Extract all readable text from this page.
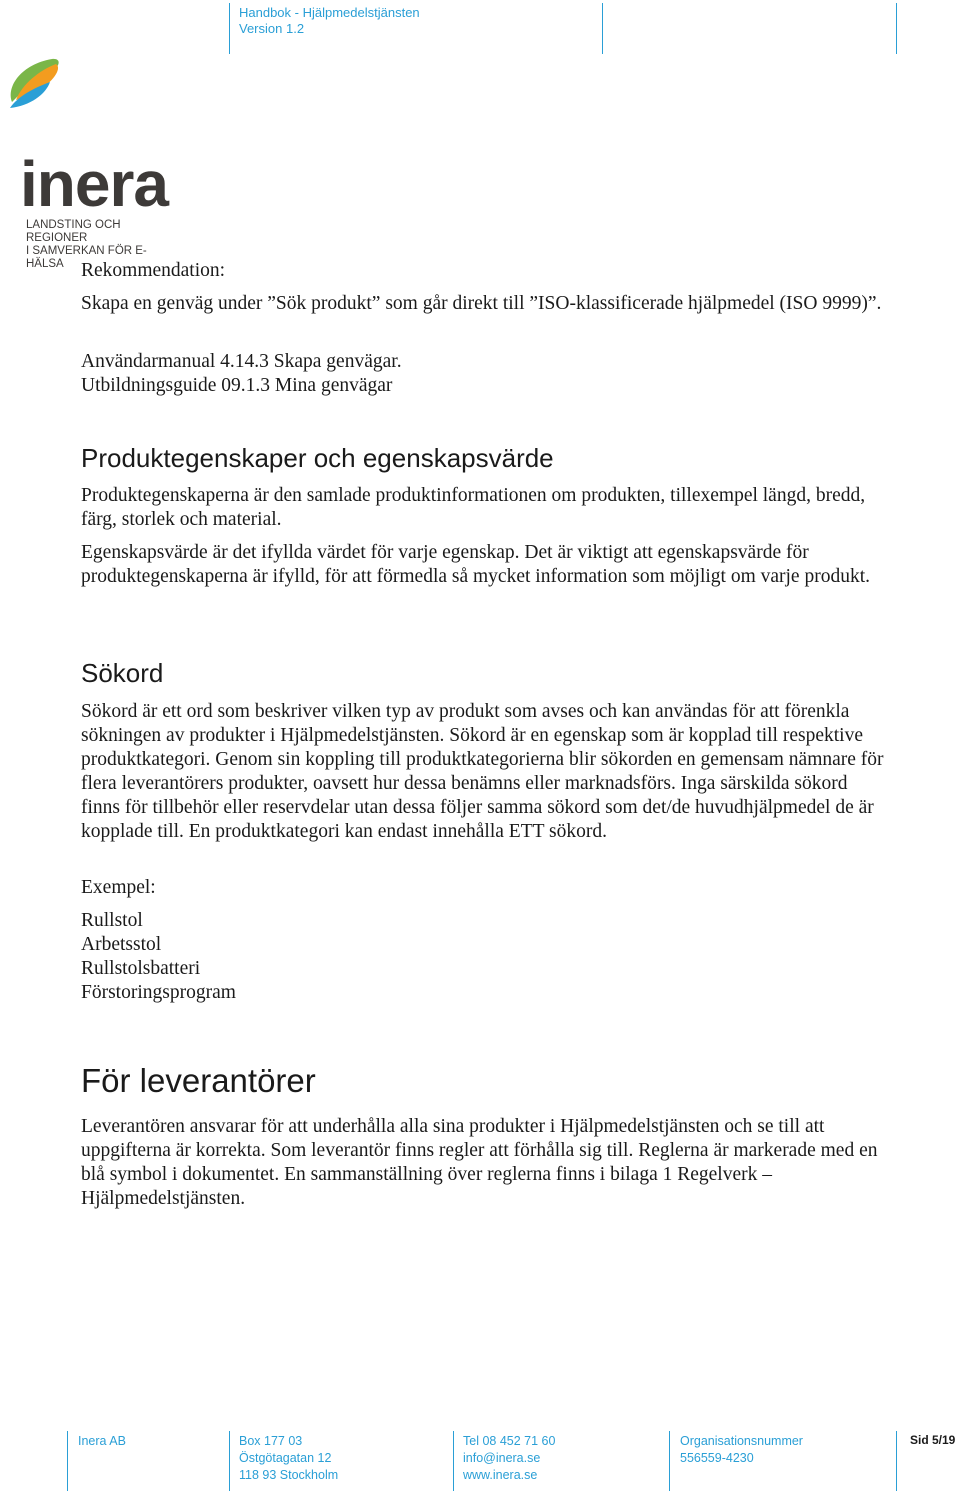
Handbok - Hjälpmedelstjänsten
Version 1.2
inera
LANDSTING OCH REGIONER
I SAMVERKAN FÖR E-HÄLSA Rekommendation:

Skapa en genväg under ”Sök produkt” som går direkt till ”ISO-klassificerade hjälpmedel (ISO 9999)”.

Användarmanual 4.14.3 Skapa genvägar.

Utbildningsguide 09.1.3 Mina genvägar

Produktegenskaper och egenskapsvärde

Produktegenskaperna är den samlade produktinformationen om produkten, tillexempel längd, bredd, färg, storlek och material.

Egenskapsvärde är det ifyllda värdet för varje egenskap. Det är viktigt att egenskapsvärde för produktegenskaperna är ifylld, för att förmedla så mycket information som möjligt om varje produkt.

Sökord

Sökord är ett ord som beskriver vilken typ av produkt som avses och kan användas för att förenkla sökningen av produkter i Hjälpmedelstjänsten. Sökord är en egenskap som är kopplad till respektive produktkategori. Genom sin koppling till produktkategorierna blir sökorden en gemensam nämnare för flera leverantörers produkter, oavsett hur dessa benämns eller marknadsförs. Inga särskilda sökord finns för tillbehör eller reservdelar utan dessa följer samma sökord som det/de huvudhjälpmedel de är kopplade till. En produktkategori kan endast innehålla ETT sökord.

Exempel:

Rullstol
Arbetsstol
Rullstolsbatteri
Förstoringsprogram
För leverantörer

Leverantören ansvarar för att underhålla alla sina produkter i Hjälpmedelstjänsten och se till att uppgifterna är korrekta. Som leverantör finns regler att förhålla sig till. Reglerna är markerade med en blå symbol i dokumentet. En sammanställning över reglerna finns i bilaga 1 Regelverk – Hjälpmedelstjänsten.

Inera AB	Box 177 03
Östgötagatan 12
118 93 Stockholm
Tel 08 452 71 60
info@inera.se
www.inera.se
Organisationsnummer
556559-4230
Sid 5/19
